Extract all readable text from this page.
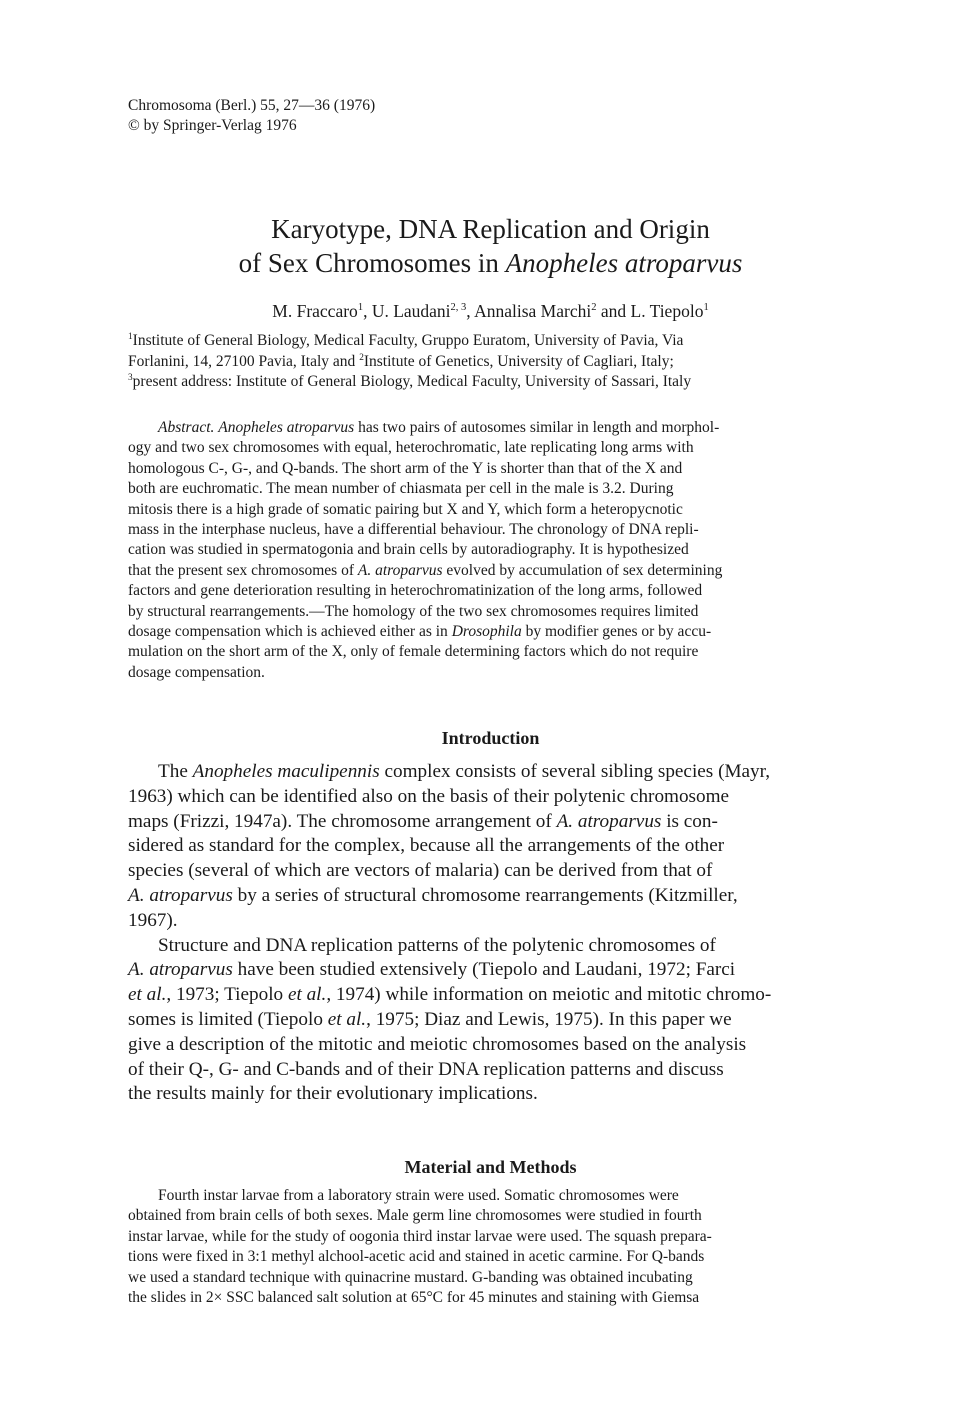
Chromosoma (Berl.) 55, 27—36 (1976)
© by Springer-Verlag 1976
Karyotype, DNA Replication and Origin
of Sex Chromosomes in Anopheles atroparvus
M. Fraccaro$^1$, U. Laudani$^{2, 3}$, Annalisa Marchi$^2$ and L. Tiepolo$^1$
$^1$Institute of General Biology, Medical Faculty, Gruppo Euratom, University of Pavia, Via
Forlanini, 14, 27100 Pavia, Italy and $^2$Institute of Genetics, University of Cagliari, Italy;
$^3$present address: Institute of General Biology, Medical Faculty, University of Sassari, Italy
Abstract. Anopheles atroparvus has two pairs of autosomes similar in length and morphol-
ogy and two sex chromosomes with equal, heterochromatic, late replicating long arms with
homologous C-, G-, and Q-bands. The short arm of the Y is shorter than that of the X and
both are euchromatic. The mean number of chiasmata per cell in the male is 3.2. During
mitosis there is a high grade of somatic pairing but X and Y, which form a heteropycnotic
mass in the interphase nucleus, have a differential behaviour. The chronology of DNA repli-
cation was studied in spermatogonia and brain cells by autoradiography. It is hypothesized
that the present sex chromosomes of A. atroparvus evolved by accumulation of sex determining
factors and gene deterioration resulting in heterochromatinization of the long arms, followed
by structural rearrangements.—The homology of the two sex chromosomes requires limited
dosage compensation which is achieved either as in Drosophila by modifier genes or by accu-
mulation on the short arm of the X, only of female determining factors which do not require
dosage compensation.
Introduction
The Anopheles maculipennis complex consists of several sibling species (Mayr,
1963) which can be identified also on the basis of their polytenic chromosome
maps (Frizzi, 1947a). The chromosome arrangement of A. atroparvus is con-
sidered as standard for the complex, because all the arrangements of the other
species (several of which are vectors of malaria) can be derived from that of
A. atroparvus by a series of structural chromosome rearrangements (Kitzmiller,
1967).
Structure and DNA replication patterns of the polytenic chromosomes of
A. atroparvus have been studied extensively (Tiepolo and Laudani, 1972; Farci
et al., 1973; Tiepolo et al., 1974) while information on meiotic and mitotic chromo-
somes is limited (Tiepolo et al., 1975; Diaz and Lewis, 1975). In this paper we
give a description of the mitotic and meiotic chromosomes based on the analysis
of their Q-, G- and C-bands and of their DNA replication patterns and discuss
the results mainly for their evolutionary implications.
Material and Methods
Fourth instar larvae from a laboratory strain were used. Somatic chromosomes were
obtained from brain cells of both sexes. Male germ line chromosomes were studied in fourth
instar larvae, while for the study of oogonia third instar larvae were used. The squash prepara-
tions were fixed in 3:1 methyl alchool-acetic acid and stained in acetic carmine. For Q-bands
we used a standard technique with quinacrine mustard. G-banding was obtained incubating
the slides in 2× SSC balanced salt solution at 65°C for 45 minutes and staining with Giemsa
